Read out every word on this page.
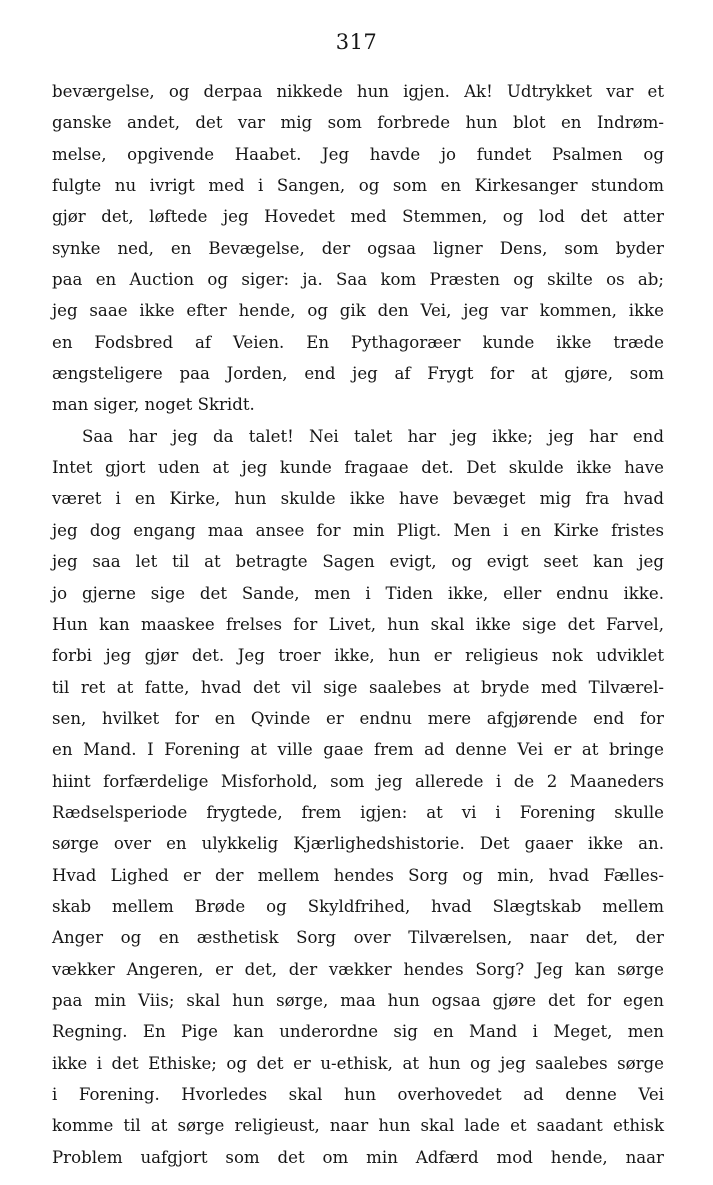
317
beværgelse, og derpaa nikkede hun igjen. Ak! Udtrykket var et
ganske andet, det var mig som forbrede hun blot en Indrøm-
melse, opgivende Haabet. Jeg havde jo fundet Psalmen og
fulgte nu ivrigt med i Sangen, og som en Kirkesanger stundom
gjør det, løftede jeg Hovedet med Stemmen, og lod det atter
synke ned, en Bevægelse, der ogsaa ligner Dens, som byder
paa en Auction og siger: ja. Saa kom Præsten og skilte os ab;
jeg saae ikke efter hende, og gik den Vei, jeg var kommen, ikke
en Fodsbred af Veien. En Pythagoræer kunde ikke træde
ængsteligere paa Jorden, end jeg af Frygt for at gjøre, som
man siger, noget Skridt.
Saa har jeg da talet! Nei talet har jeg ikke; jeg har end
Intet gjort uden at jeg kunde fragaae det. Det skulde ikke have
været i en Kirke, hun skulde ikke have bevæget mig fra hvad
jeg dog engang maa ansee for min Pligt. Men i en Kirke fristes
jeg saa let til at betragte Sagen evigt, og evigt seet kan jeg
jo gjerne sige det Sande, men i Tiden ikke, eller endnu ikke.
Hun kan maaskee frelses for Livet, hun skal ikke sige det Farvel,
forbi jeg gjør det. Jeg troer ikke, hun er religieus nok udviklet
til ret at fatte, hvad det vil sige saalebes at bryde med Tilværel-
sen, hvilket for en Qvinde er endnu mere afgjørende end for
en Mand. I Forening at ville gaae frem ad denne Vei er at bringe
hiint forfærdelige Misforhold, som jeg allerede i de 2 Maaneders
Rædselsperiode frygtede, frem igjen: at vi i Forening skulle
sørge over en ulykkelig Kjærlighedshistorie. Det gaaer ikke an.
Hvad Lighed er der mellem hendes Sorg og min, hvad Fælles-
skab mellem Brøde og Skyldfrihed, hvad Slægtskab mellem
Anger og en æsthetisk Sorg over Tilværelsen, naar det, der
vækker Angeren, er det, der vækker hendes Sorg? Jeg kan sørge
paa min Viis; skal hun sørge, maa hun ogsaa gjøre det for egen
Regning. En Pige kan underordne sig en Mand i Meget, men
ikke i det Ethiske; og det er u-ethisk, at hun og jeg saalebes sørge
i Forening. Hvorledes skal hun overhovedet ad denne Vei
komme til at sørge religieust, naar hun skal lade et saadant ethisk
Problem uafgjort som det om min Adfærd mod hende, naar
